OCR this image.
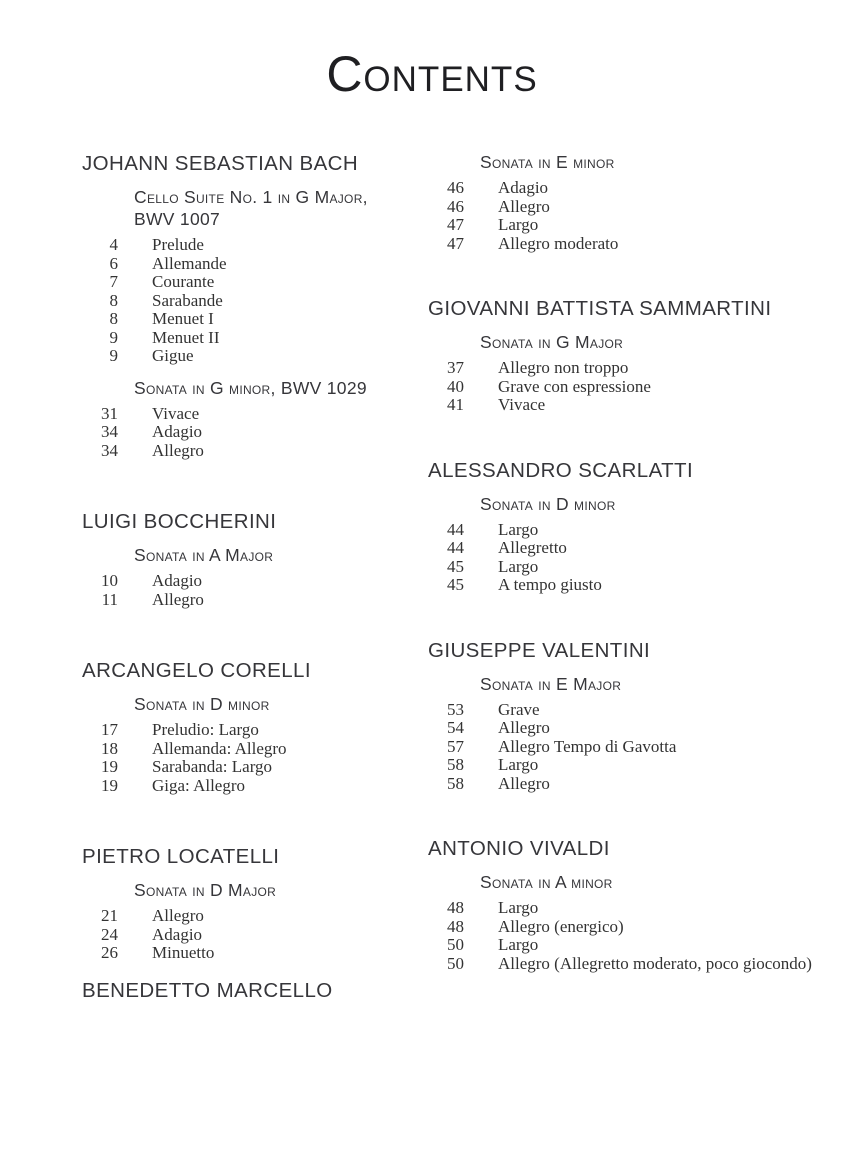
Contents
JOHANN SEBASTIAN BACH
Cello Suite No. 1 in G Major, BWV 1007
4 Prelude
6 Allemande
7 Courante
8 Sarabande
8 Menuet I
9 Menuet II
9 Gigue
Sonata in G minor, BWV 1029
31 Vivace
34 Adagio
34 Allegro
LUIGI BOCCHERINI
Sonata in A Major
10 Adagio
11 Allegro
ARCANGELO CORELLI
Sonata in D minor
17 Preludio: Largo
18 Allemanda: Allegro
19 Sarabanda: Largo
19 Giga: Allegro
PIETRO LOCATELLI
Sonata in D Major
21 Allegro
24 Adagio
26 Minuetto
BENEDETTO MARCELLO
Sonata in E minor
46 Adagio
46 Allegro
47 Largo
47 Allegro moderato
GIOVANNI BATTISTA SAMMARTINI
Sonata in G Major
37 Allegro non troppo
40 Grave con espressione
41 Vivace
ALESSANDRO SCARLATTI
Sonata in D minor
44 Largo
44 Allegretto
45 Largo
45 A tempo giusto
GIUSEPPE VALENTINI
Sonata in E Major
53 Grave
54 Allegro
57 Allegro Tempo di Gavotta
58 Largo
58 Allegro
ANTONIO VIVALDI
Sonata in A minor
48 Largo
48 Allegro (energico)
50 Largo
50 Allegro (Allegretto moderato, poco giocondo)
